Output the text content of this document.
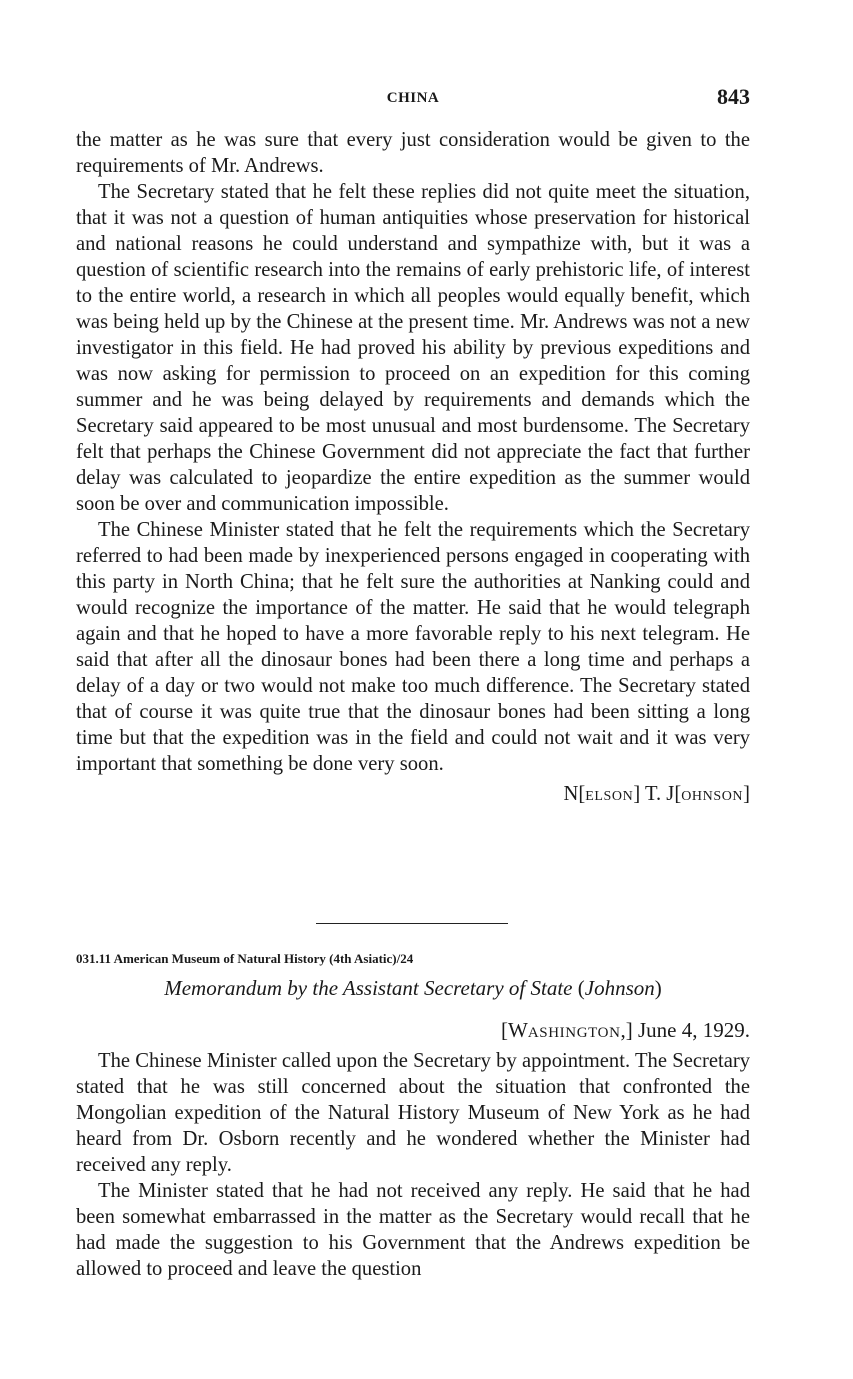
CHINA	843

the matter as he was sure that every just consideration would be given to the requirements of Mr. Andrews.

The Secretary stated that he felt these replies did not quite meet the situation, that it was not a question of human antiquities whose preservation for historical and national reasons he could understand and sympathize with, but it was a question of scientific research into the remains of early prehistoric life, of interest to the entire world, a research in which all peoples would equally benefit, which was being held up by the Chinese at the present time. Mr. Andrews was not a new investigator in this field. He had proved his ability by previous expeditions and was now asking for permission to proceed on an expedition for this coming summer and he was being delayed by requirements and demands which the Secretary said appeared to be most unusual and most burdensome. The Secretary felt that perhaps the Chinese Government did not appreciate the fact that further delay was calculated to jeopardize the entire expedition as the summer would soon be over and communication impossible.

The Chinese Minister stated that he felt the requirements which the Secretary referred to had been made by inexperienced persons engaged in cooperating with this party in North China; that he felt sure the authorities at Nanking could and would recognize the importance of the matter. He said that he would telegraph again and that he hoped to have a more favorable reply to his next telegram. He said that after all the dinosaur bones had been there a long time and perhaps a delay of a day or two would not make too much difference. The Secretary stated that of course it was quite true that the dinosaur bones had been sitting a long time but that the expedition was in the field and could not wait and it was very important that something be done very soon.

N[ELSON] T. J[OHNSON]
031.11 American Museum of Natural History (4th Asiatic)/24
Memorandum by the Assistant Secretary of State (Johnson)
[WASHINGTON,] June 4, 1929.

The Chinese Minister called upon the Secretary by appointment. The Secretary stated that he was still concerned about the situation that confronted the Mongolian expedition of the Natural History Museum of New York as he had heard from Dr. Osborn recently and he wondered whether the Minister had received any reply.

The Minister stated that he had not received any reply. He said that he had been somewhat embarrassed in the matter as the Secretary would recall that he had made the suggestion to his Government that the Andrews expedition be allowed to proceed and leave the question
